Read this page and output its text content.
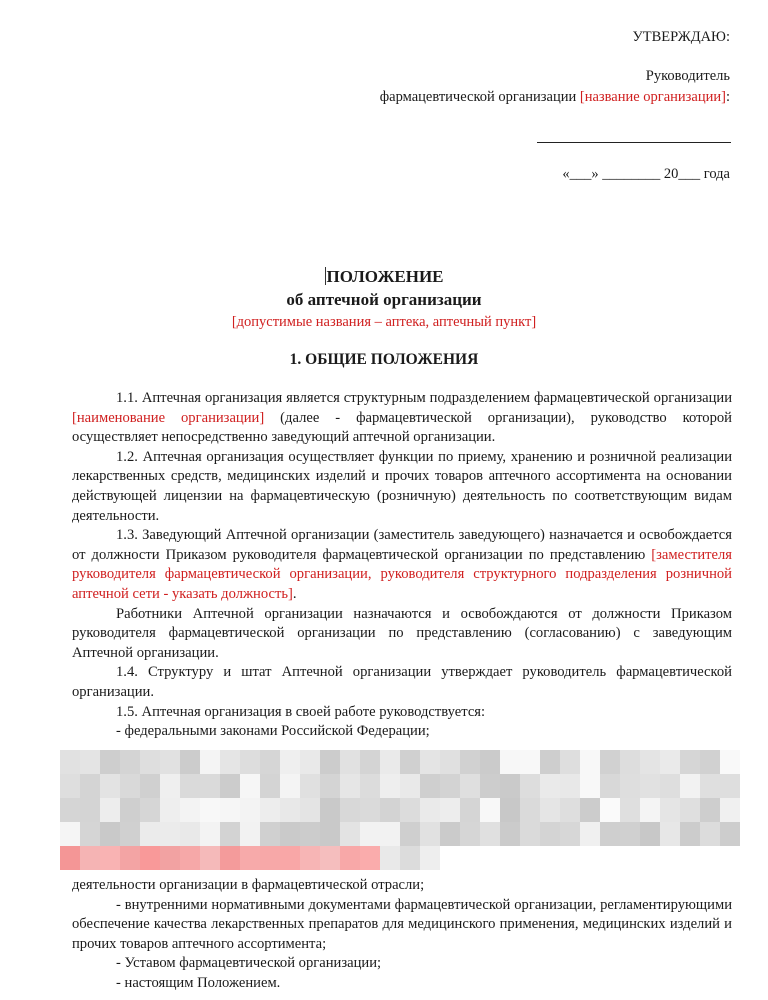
УТВЕРЖДАЮ:
Руководитель
фармацевтической организации [название организации]:
«___» ________ 20___ года
ПОЛОЖЕНИЕ
об аптечной организации
[допустимые названия – аптека, аптечный пункт]
1. ОБЩИЕ ПОЛОЖЕНИЯ

1.1. Аптечная организация является структурным подразделением фармацевтической организации [наименование организации] (далее - фармацевтической организации), руководство которой осуществляет непосредственно заведующий аптечной организации.

1.2. Аптечная организация осуществляет функции по приему, хранению и розничной реализации лекарственных средств, медицинских изделий и прочих товаров аптечного ассортимента на основании действующей лицензии на фармацевтическую (розничную) деятельность по соответствующим видам деятельности.

1.3. Заведующий Аптечной организации (заместитель заведующего) назначается и освобождается от должности Приказом руководителя фармацевтической организации по представлению [заместителя руководителя фармацевтической организации, руководителя структурного подразделения розничной аптечной сети - указать должность].

Работники Аптечной организации назначаются и освобождаются от должности Приказом руководителя фармацевтической организации по представлению (согласованию) с заведующим Аптечной организации.

1.4. Структуру и штат Аптечной организации утверждает руководитель фармацевтической организации.

1.5. Аптечная организация в своей работе руководствуется:

- федеральными законами Российской Федерации;

деятельности организации в фармацевтической отрасли;

- внутренними нормативными документами фармацевтической организации, регламентирующими обеспечение качества лекарственных препаратов для медицинского применения, медицинских изделий и прочих товаров аптечного ассортимента;

- Уставом фармацевтической организации;

- настоящим Положением.
